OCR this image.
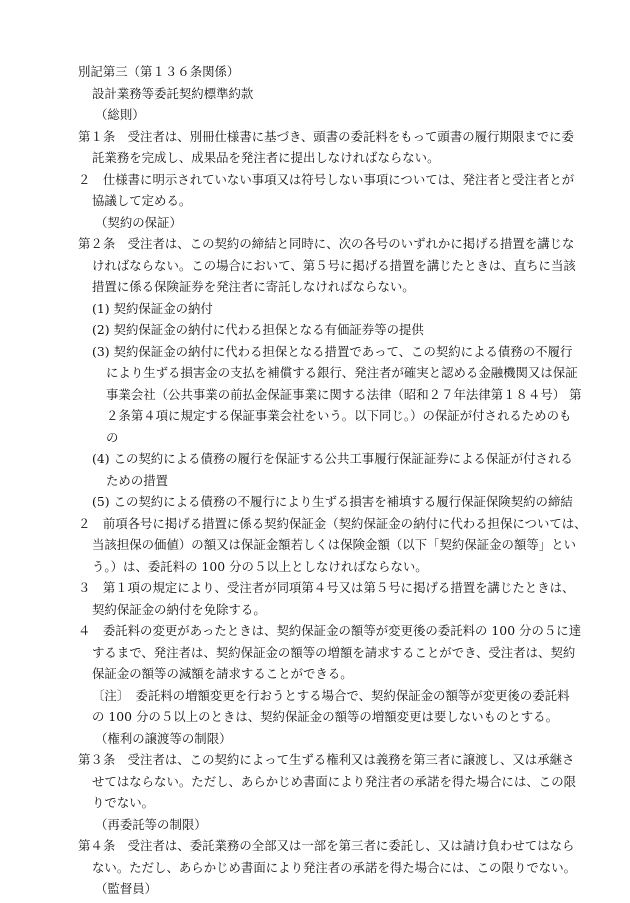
別記第三（第１３６条関係）

設計業務等委託契約標準約款

（総則）

第１条　受注者は、別冊仕様書に基づき、頭書の委託料をもって頭書の履行期限までに委

託業務を完成し、成果品を発注者に提出しなければならない。

２　仕様書に明示されていない事項又は符号しない事項については、発注者と受注者とが

協議して定める。

（契約の保証）

第２条　受注者は、この契約の締結と同時に、次の各号のいずれかに掲げる措置を講じな

ければならない。この場合において、第５号に掲げる措置を講じたときは、直ちに当該

措置に係る保険証券を発注者に寄託しなければならない。

(1) 契約保証金の納付

(2) 契約保証金の納付に代わる担保となる有価証券等の提供

(3) 契約保証金の納付に代わる担保となる措置であって、この契約による債務の不履行

により生ずる損害金の支払を補償する銀行、発注者が確実と認める金融機関又は保証

事業会社（公共事業の前払金保証事業に関する法律（昭和２７年法律第１８４号） 第

２条第４項に規定する保証事業会社をいう。以下同じ。）の保証が付されるためのも

の

(4) この契約による債務の履行を保証する公共工事履行保証証券による保証が付される

ための措置

(5) この契約による債務の不履行により生ずる損害を補填する履行保証保険契約の締結

２　前項各号に掲げる措置に係る契約保証金（契約保証金の納付に代わる担保については、

当該担保の価値）の額又は保証金額若しくは保険金額（以下「契約保証金の額等」とい

う。）は、委託料の 100 分の５以上としなければならない。

３　第１項の規定により、受注者が同項第４号又は第５号に掲げる措置を講じたときは、

契約保証金の納付を免除する。

４　委託料の変更があったときは、契約保証金の額等が変更後の委託料の 100 分の５に達

するまで、発注者は、契約保証金の額等の増額を請求することができ、受注者は、契約

保証金の額等の減額を請求することができる。

〔注〕　委託料の増額変更を行おうとする場合で、契約保証金の額等が変更後の委託料

の 100 分の５以上のときは、契約保証金の額等の増額変更は要しないものとする。

（権利の譲渡等の制限）

第３条　受注者は、この契約によって生ずる権利又は義務を第三者に譲渡し、又は承継さ

せてはならない。ただし、あらかじめ書面により発注者の承諾を得た場合には、この限

りでない。

（再委託等の制限）

第４条　受注者は、委託業務の全部又は一部を第三者に委託し、又は請け負わせてはなら

ない。ただし、あらかじめ書面により発注者の承諾を得た場合には、この限りでない。

（監督員）
